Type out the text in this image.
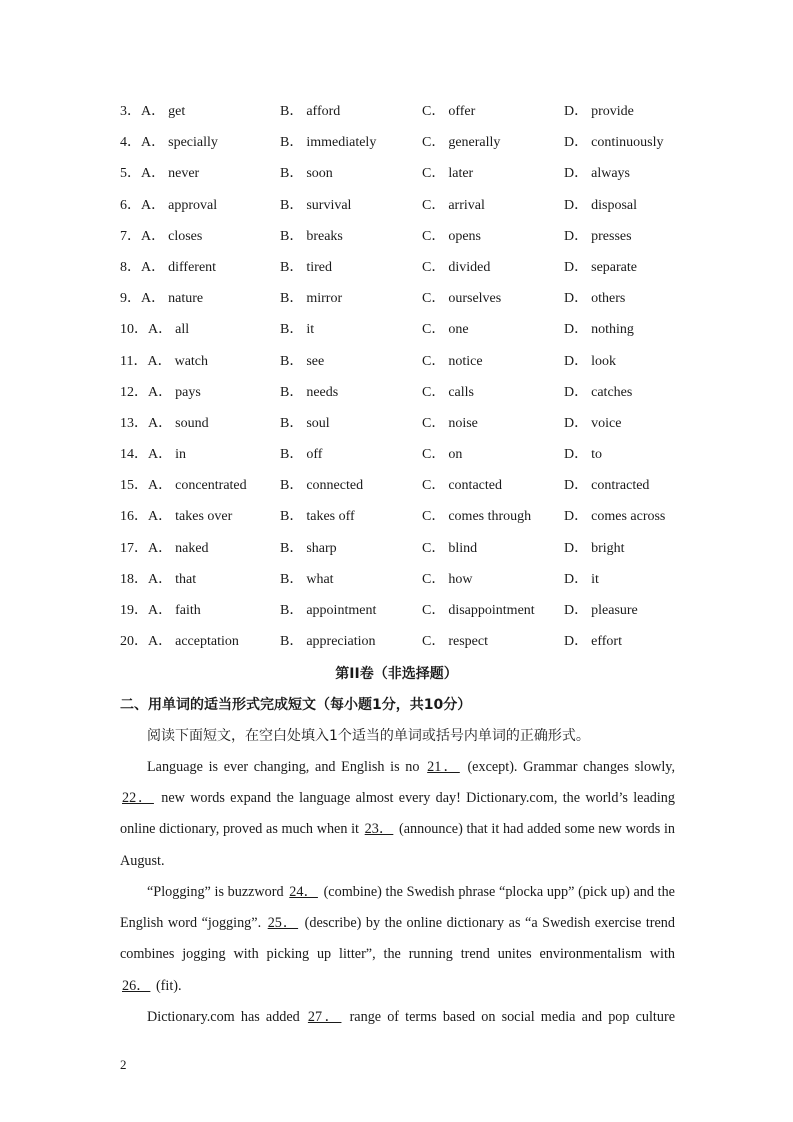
3．A． get	B． afford	C． offer	D． provide
4．A． specially	B． immediately	C． generally	D． continuously
5．A． never	B． soon	C． later	D． always
6．A． approval	B． survival	C． arrival	D． disposal
7．A． closes	B． breaks	C． opens	D． presses
8．A． different	B． tired	C． divided	D． separate
9．A． nature	B． mirror	C． ourselves	D． others
10．A． all	B． it	C． one	D． nothing
11．A． watch	B． see	C． notice	D． look
12．A． pays	B． needs	C． calls	D． catches
13．A． sound	B． soul	C． noise	D． voice
14．A． in	B． off	C． on	D． to
15．A． concentrated B． connected	C． contacted	D． contracted
16．A． takes over	B． takes off	C． comes through D． comes across
17．A． naked	B． sharp	C． blind	D． bright
18．A． that	B． what	C． how	D． it
19．A． faith	B． appointment	C． disappointment D． pleasure
20．A． acceptation	B． appreciation	C． respect	D． effort
第II卷（非选择题）
二、用单词的适当形式完成短文（每小题1分，共10分）
阅读下面短文，在空白处填入1个适当的单词或括号内单词的正确形式。
Language is ever changing, and English is no 21． (except). Grammar changes slowly,
22． new words expand the language almost every day! Dictionary.com, the world’s leading
online dictionary, proved as much when it 23． (announce) that it had added some new words in
August.
“Plogging” is buzzword 24． (combine) the Swedish phrase “plocka upp” (pick up) and the
English word “jogging”. 25． (describe) by the online dictionary as “a Swedish exercise trend
combines jogging with picking up litter”, the running trend unites environmentalism with
26． (fit).
Dictionary.com has added 27． range of terms based on social media and pop culture
2
